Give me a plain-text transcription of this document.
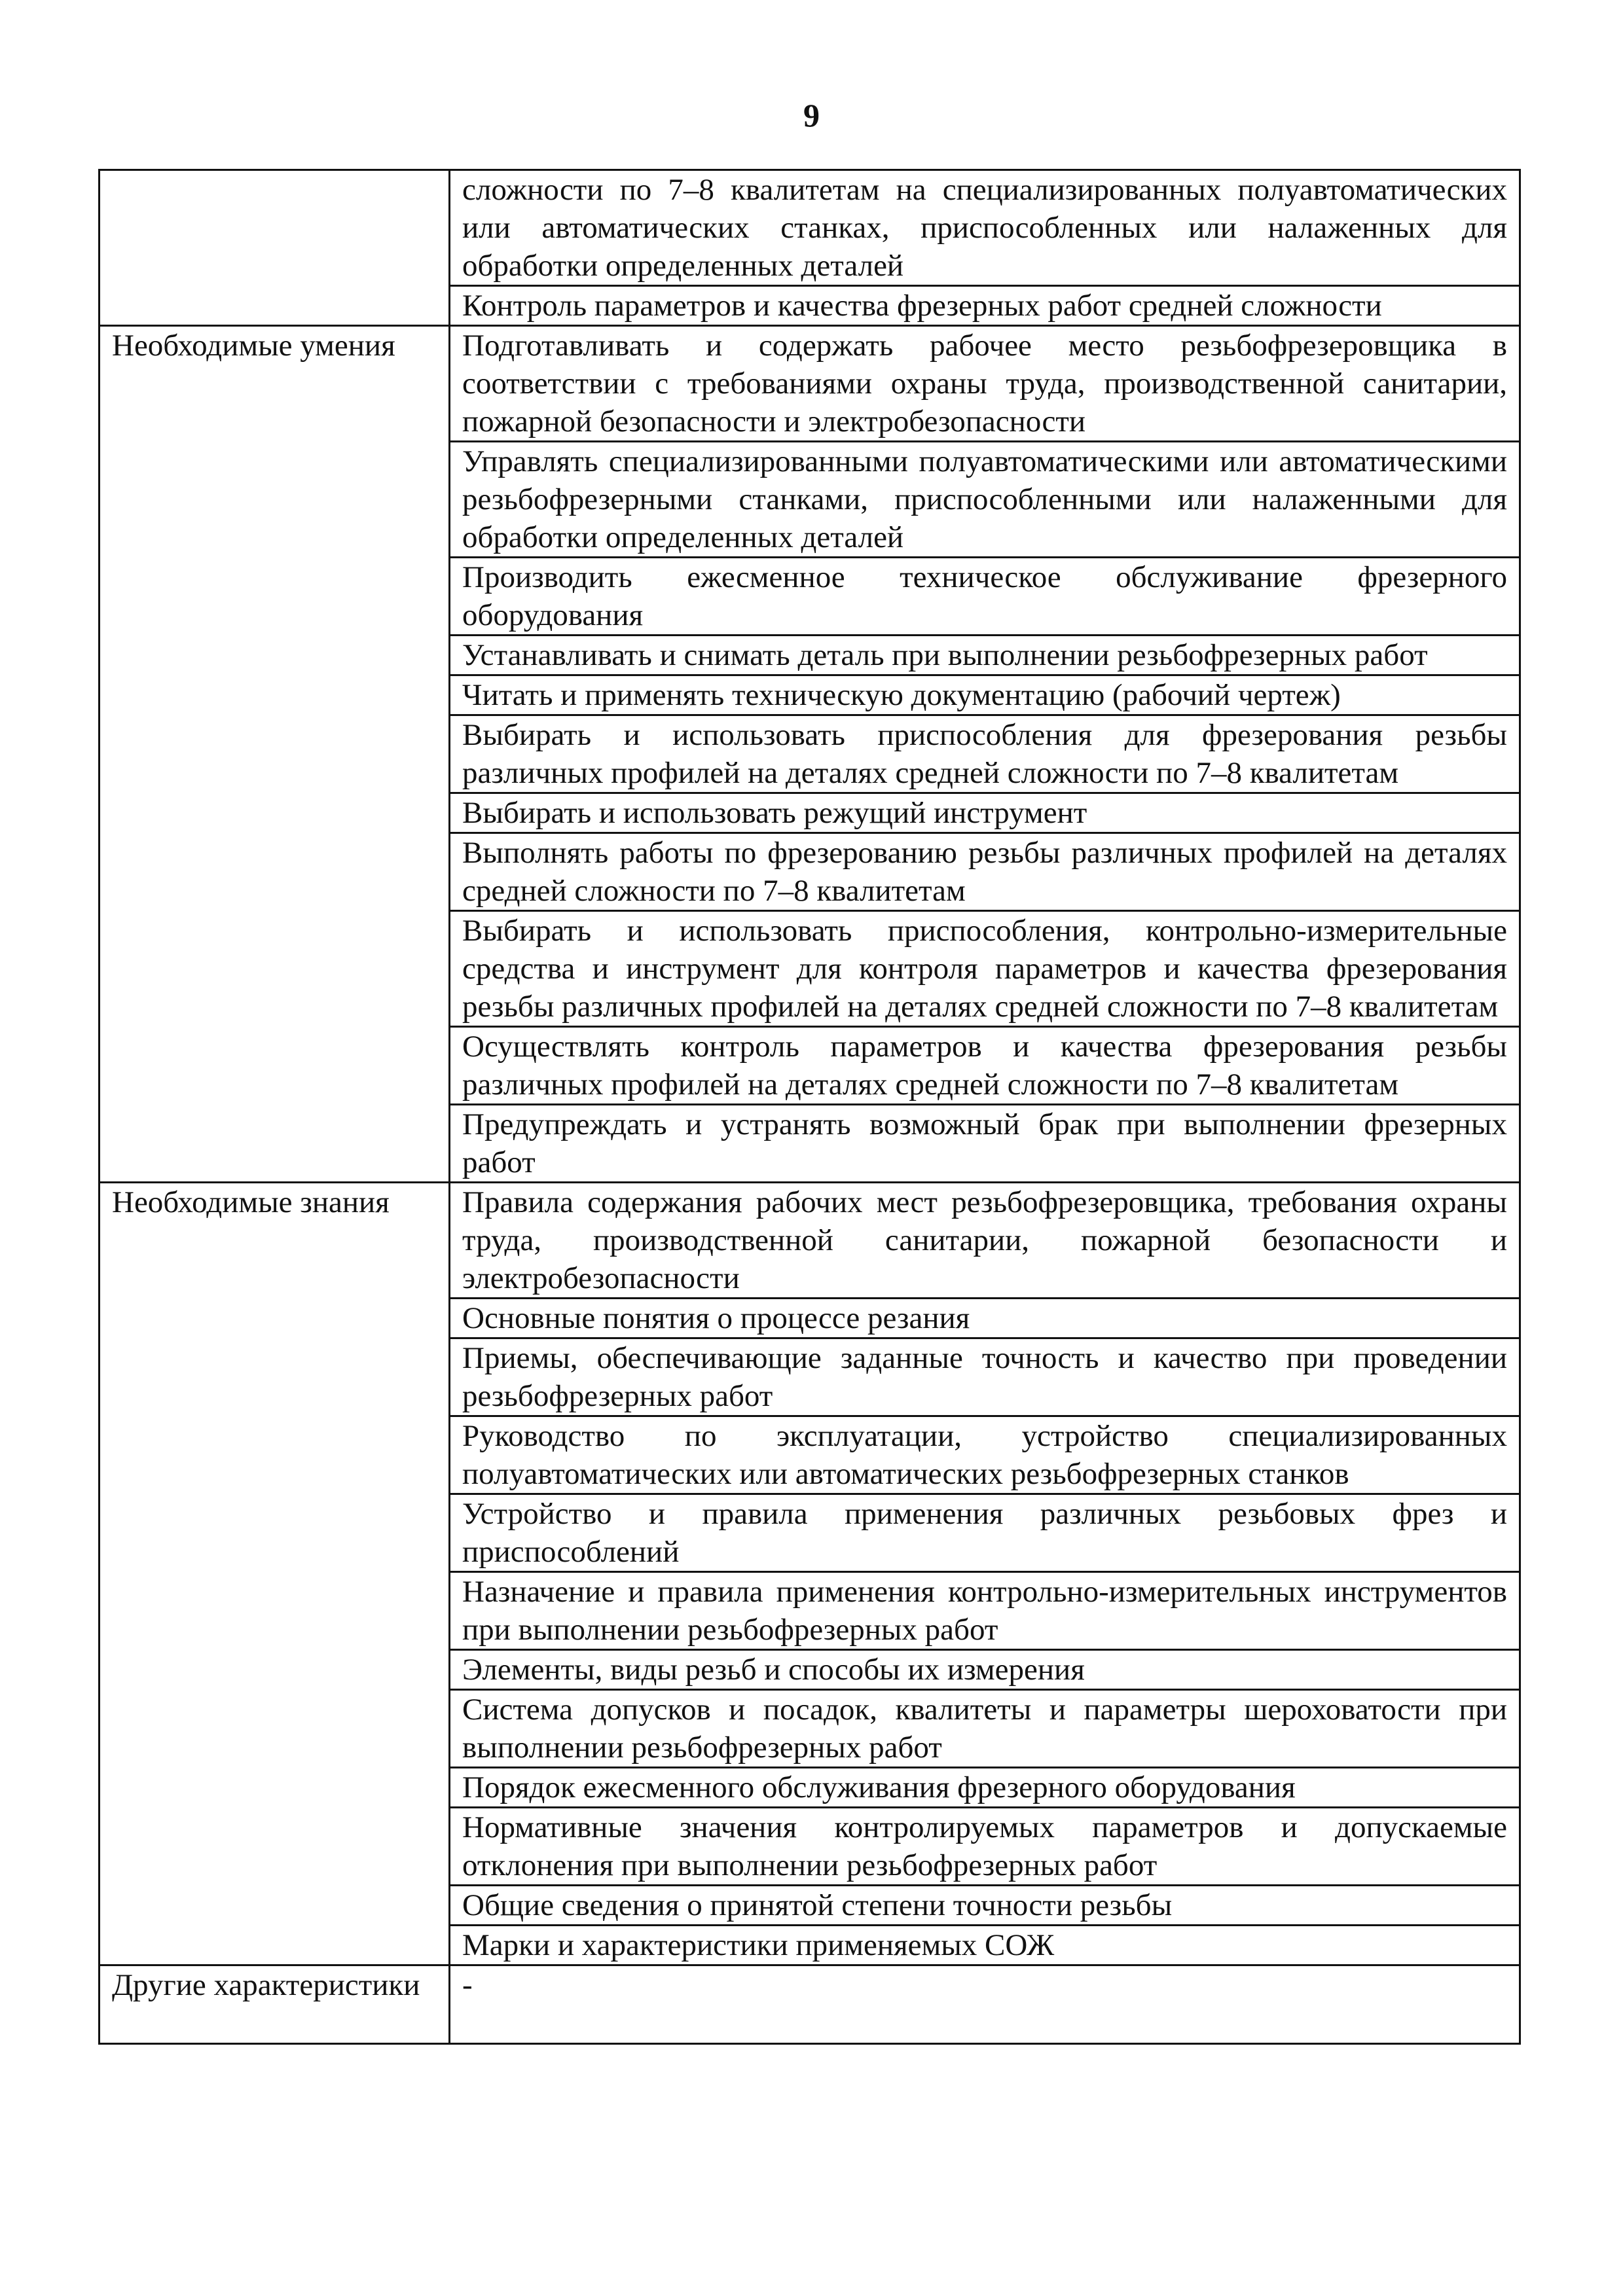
9
	сложности по 7–8 квалитетам на специализированных полуавтоматических или автоматических станках, приспособленных или налаженных для обработки определенных деталей
	Контроль параметров и качества фрезерных работ средней сложности
Необходимые умения	Подготавливать и содержать рабочее место резьбофрезеровщика в соответствии с требованиями охраны труда, производственной санитарии, пожарной безопасности и электробезопасности
	Управлять специализированными полуавтоматическими или автоматическими резьбофрезерными станками, приспособленными или налаженными для обработки определенных деталей
	Производить ежесменное техническое обслуживание фрезерного оборудования
	Устанавливать и снимать деталь при выполнении резьбофрезерных работ
	Читать и применять техническую документацию (рабочий чертеж)
	Выбирать и использовать приспособления для фрезерования резьбы различных профилей на деталях средней сложности по 7–8 квалитетам
	Выбирать и использовать режущий инструмент
	Выполнять работы по фрезерованию резьбы различных профилей на деталях средней сложности по 7–8 квалитетам
	Выбирать и использовать приспособления, контрольно-измерительные средства и инструмент для контроля параметров и качества фрезерования резьбы различных профилей на деталях средней сложности по 7–8 квалитетам
	Осуществлять контроль параметров и качества фрезерования резьбы различных профилей на деталях средней сложности по 7–8 квалитетам
	Предупреждать и устранять возможный брак при выполнении фрезерных работ
Необходимые знания	Правила содержания рабочих мест резьбофрезеровщика, требования охраны труда, производственной санитарии, пожарной безопасности и электробезопасности
	Основные понятия о процессе резания
	Приемы, обеспечивающие заданные точность и качество при проведении резьбофрезерных работ
	Руководство по эксплуатации, устройство специализированных полуавтоматических или автоматических резьбофрезерных станков
	Устройство и правила применения различных резьбовых фрез и приспособлений
	Назначение и правила применения контрольно-измерительных инструментов при выполнении резьбофрезерных работ
	Элементы, виды резьб и способы их измерения
	Система допусков и посадок, квалитеты и параметры шероховатости при выполнении резьбофрезерных работ
	Порядок ежесменного обслуживания фрезерного оборудования
	Нормативные значения контролируемых параметров и допускаемые отклонения при выполнении резьбофрезерных работ
	Общие сведения о принятой степени точности резьбы
	Марки и характеристики применяемых СОЖ
Другие характеристики	-
